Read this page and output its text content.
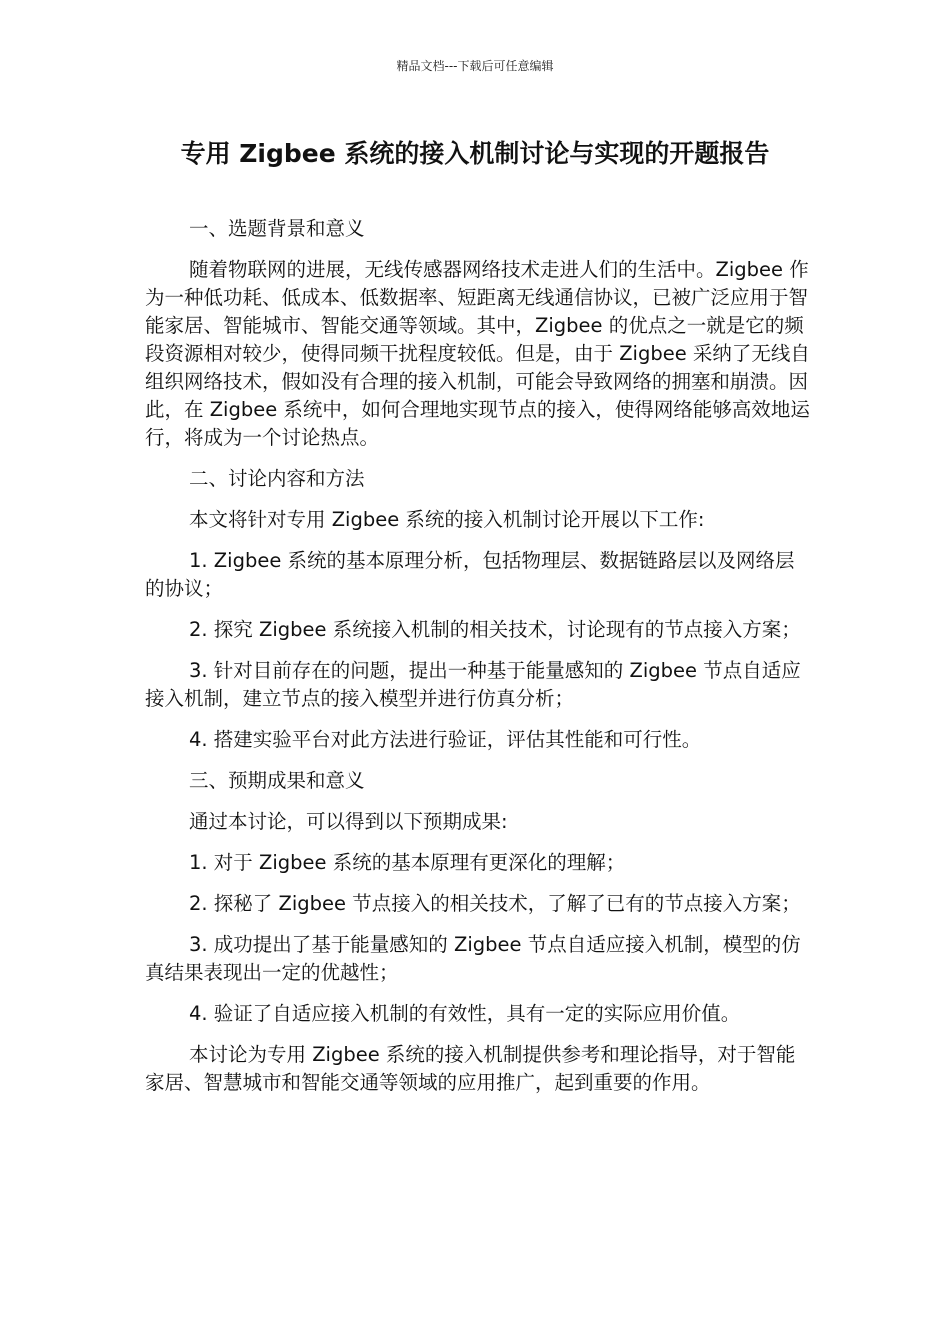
精品文档---下载后可任意编辑
专用 Zigbee 系统的接入机制讨论与实现的开题报告

一、选题背景和意义

随着物联网的进展，无线传感器网络技术走进人们的生活中。Zigbee 作为一种低功耗、低成本、低数据率、短距离无线通信协议，已被广泛应用于智能家居、智能城市、智能交通等领域。其中，Zigbee 的优点之一就是它的频段资源相对较少，使得同频干扰程度较低。但是，由于 Zigbee 采纳了无线自组织网络技术，假如没有合理的接入机制，可能会导致网络的拥塞和崩溃。因此，在 Zigbee 系统中，如何合理地实现节点的接入，使得网络能够高效地运行，将成为一个讨论热点。

二、讨论内容和方法

本文将针对专用 Zigbee 系统的接入机制讨论开展以下工作:

1. Zigbee 系统的基本原理分析，包括物理层、数据链路层以及网络层的协议；

2. 探究 Zigbee 系统接入机制的相关技术，讨论现有的节点接入方案；

3. 针对目前存在的问题，提出一种基于能量感知的 Zigbee 节点自适应接入机制，建立节点的接入模型并进行仿真分析；

4. 搭建实验平台对此方法进行验证，评估其性能和可行性。

三、预期成果和意义

通过本讨论，可以得到以下预期成果:

1. 对于 Zigbee 系统的基本原理有更深化的理解；

2. 探秘了 Zigbee 节点接入的相关技术，了解了已有的节点接入方案；

3. 成功提出了基于能量感知的 Zigbee 节点自适应接入机制，模型的仿真结果表现出一定的优越性；

4. 验证了自适应接入机制的有效性，具有一定的实际应用价值。

本讨论为专用 Zigbee 系统的接入机制提供参考和理论指导，对于智能家居、智慧城市和智能交通等领域的应用推广，起到重要的作用。
